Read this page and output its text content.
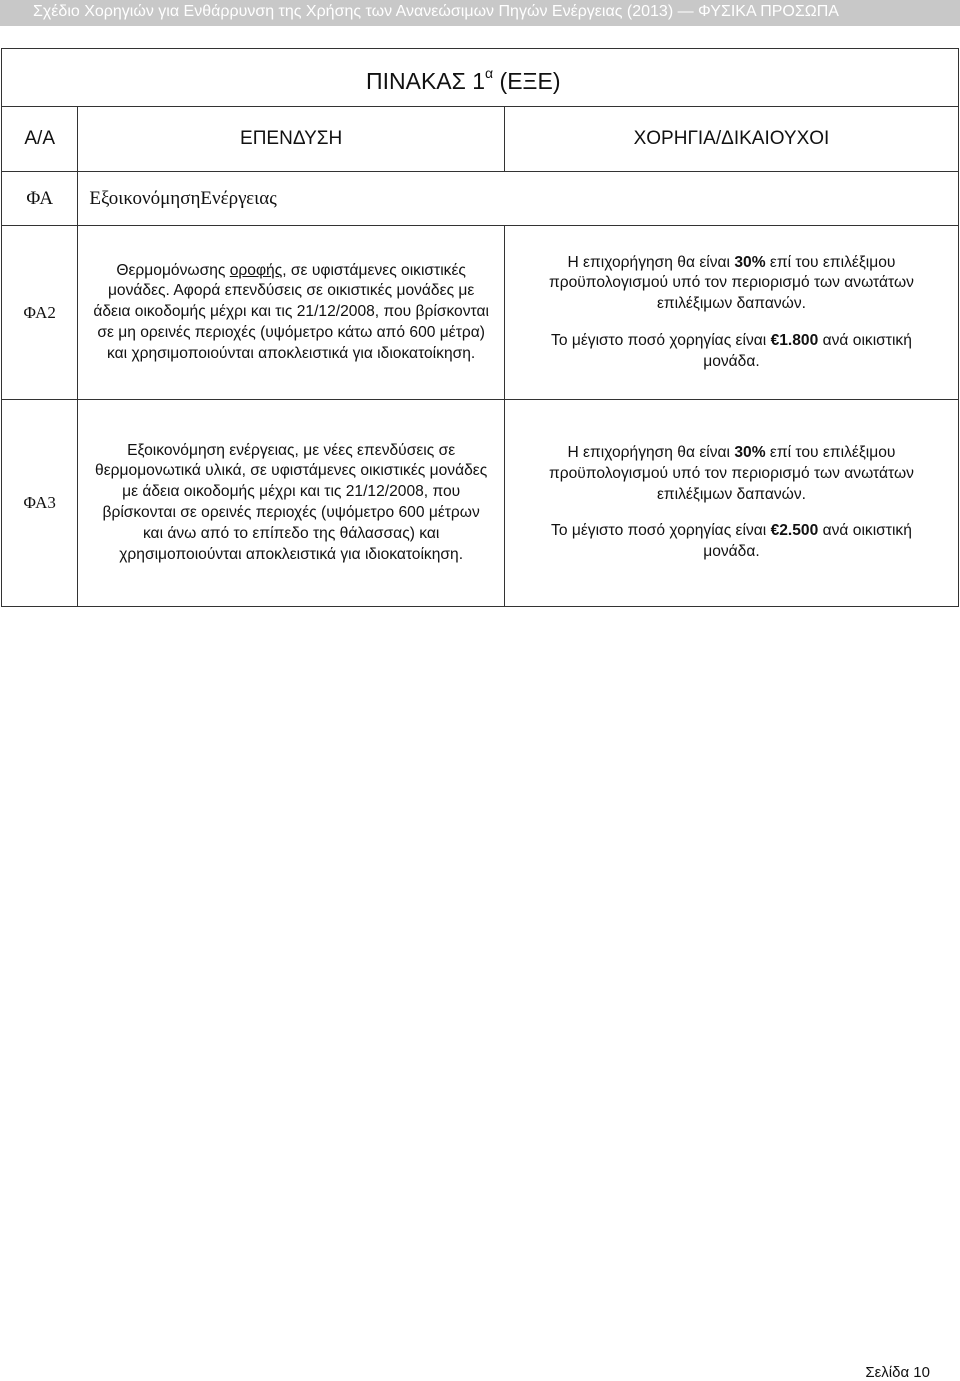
Σχέδιο Χορηγιών για Ενθάρρυνση της Χρήσης των Ανανεώσιμων Πηγών Ενέργειας (2013) — ΦΥΣΙΚΑ ΠΡΟΣΩΠΑ
ΠΙΝΑΚΑΣ $1^\alpha$ (ΕΞΕ)		

Α/Α	ΕΠΕΝΔΥΣΗ	ΧΟΡΗΓΙΑ/ΔΙΚΑΙΟΥΧΟΙ
ΦΑ	ΕξοικονόμησηΕνέργειας	
ΦΑ2	Θερμομόνωσης οροφής, σε υφιστάμενες οικιστικές μονάδες. Αφορά επενδύσεις σε οικιστικές μονάδες με άδεια οικοδομής μέχρι και τις 21/12/2008, που βρίσκονται σε μη ορεινές περιοχές (υψόμετρο κάτω από 600 μέτρα) και χρησιμοποιούνται αποκλειστικά για ιδιοκατοίκηση.	Η επιχορήγηση θα είναι 30% επί του επιλέξιμου προϋπολογισμού υπό τον περιορισμό των ανωτάτων επιλέξιμων δαπανών.

Το μέγιστο ποσό χορηγίας είναι €1.800 ανά οικιστική μονάδα.

ΦΑ3	Εξοικονόμηση ενέργειας, με νέες επενδύσεις σε θερμομονωτικά υλικά, σε υφιστάμενες οικιστικές μονάδες με άδεια οικοδομής μέχρι και τις 21/12/2008, που βρίσκονται σε ορεινές περιοχές (υψόμετρο 600 μέτρων και άνω από το επίπεδο της θάλασσας) και χρησιμοποιούνται αποκλειστικά για ιδιοκατοίκηση.	Η επιχορήγηση θα είναι 30% επί του επιλέξιμου προϋπολογισμού υπό τον περιορισμό των ανωτάτων επιλέξιμων δαπανών.

Το μέγιστο ποσό χορηγίας είναι €2.500 ανά οικιστική μονάδα.

Σελίδα 10
